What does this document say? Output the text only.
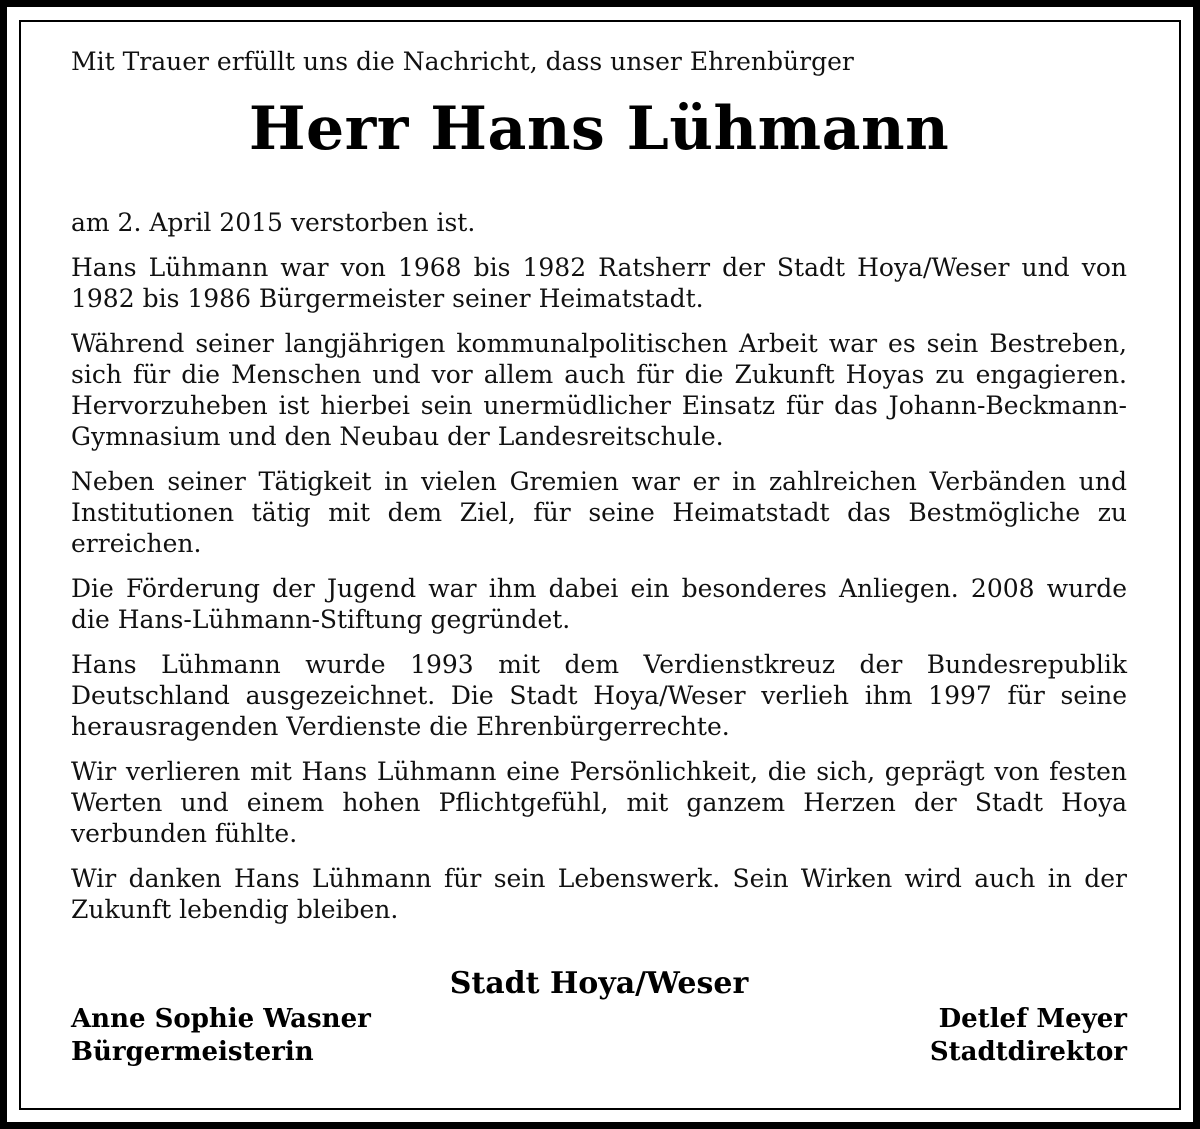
Mit Trauer erfüllt uns die Nachricht, dass unser Ehrenbürger

Herr Hans Lühmann

am 2. April 2015 verstorben ist.

Hans Lühmann war von 1968 bis 1982 Ratsherr der Stadt Hoya/Weser und von 1982 bis 1986 Bürgermeister seiner Heimatstadt.

Während seiner langjährigen kommunalpolitischen Arbeit war es sein Bestreben, sich für die Menschen und vor allem auch für die Zukunft Hoyas zu engagieren. Hervorzuheben ist hierbei sein unermüdlicher Einsatz für das Johann-Beckmann-Gymnasium und den Neubau der Landesreitschule.

Neben seiner Tätigkeit in vielen Gremien war er in zahlreichen Verbänden und Institutionen tätig mit dem Ziel, für seine Heimatstadt das Bestmögliche zu erreichen.

Die Förderung der Jugend war ihm dabei ein besonderes Anliegen. 2008 wurde die Hans-Lühmann-Stiftung gegründet.

Hans Lühmann wurde 1993 mit dem Verdienstkreuz der Bundesrepublik Deutschland ausgezeichnet. Die Stadt Hoya/Weser verlieh ihm 1997 für seine herausragenden Verdienste die Ehrenbürgerrechte.

Wir verlieren mit Hans Lühmann eine Persönlichkeit, die sich, geprägt von festen Werten und einem hohen Pflichtgefühl, mit ganzem Herzen der Stadt Hoya verbunden fühlte.

Wir danken Hans Lühmann für sein Lebenswerk. Sein Wirken wird auch in der Zukunft lebendig bleiben.

Stadt Hoya/Weser
Anne Sophie Wasner
Bürgermeisterin
Detlef Meyer
Stadtdirektor
